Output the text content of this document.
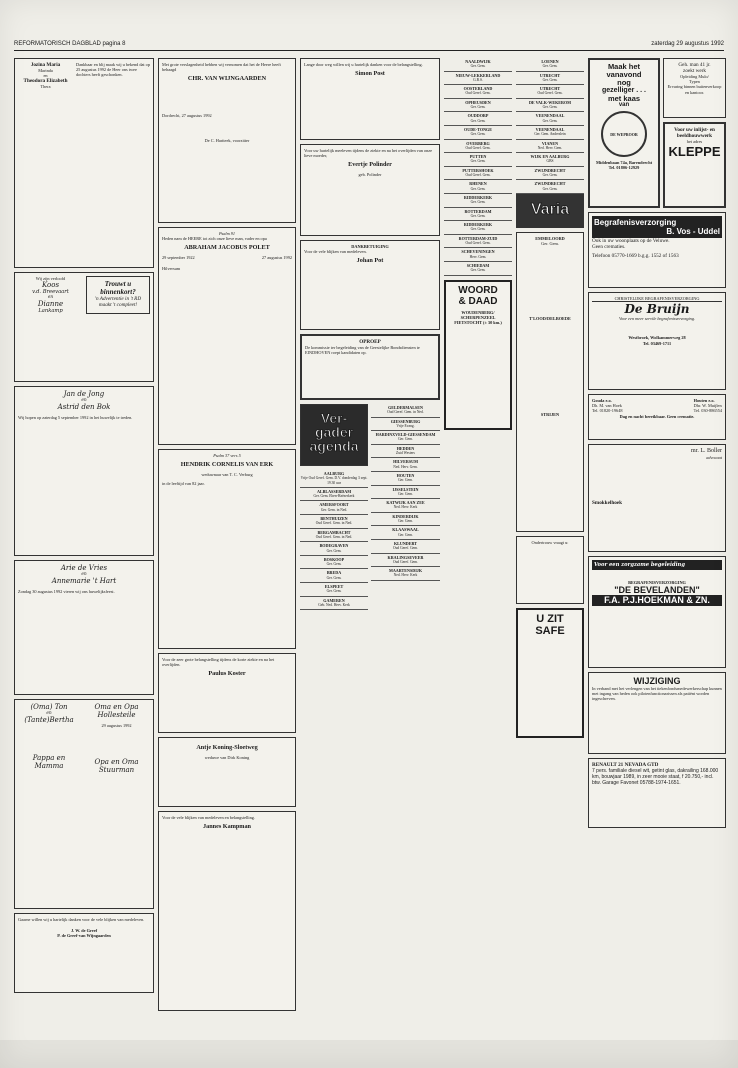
REFORMATORISCH DAGBLAD pagina 8	zaterdag 29 augustus 1992
Jozina Maria
Marinda
en
Theodora Elizabeth
Thera
Dankbaar en blij maak wij u bekend dat op 25 augustus 1992 de Heer ons twee dochters heeft geschonken.
Wij zijn verloofd
Koos
v.d. Breevaart
en
Dianne
Lankamp
Trouwt u binnenkort?
'n Advertentie in 't RD maakt 't compleet!
Jan de Jong
en
Astrid den Bok
Wij hopen op zaterdag 5 september 1992 in het huwelijk te treden.
Arie de Vries
en
Annemarie 't Hart
Zondag 30 augustus 1992 vieren wij ons huwelijksfeest.
(Oma) Ton
en
(Tante)Bertha
Pappa en Mamma
Oma en Opa Hollesteile
29 augustus 1992
Opa en Oma Stuurman
Gaarne willen wij u hartelijk danken voor de vele blijken van medeleven.
J. W. de Greef
P. de Greef-van Wijngaarden
Met grote verslagenheid hebben wij vernomen dat het de Heere heeft behaagd
CHR. VAN WIJNGAARDEN
Dordrecht, 27 augustus 1992
De C. Hariteek, voorzitter
Psalm 91
Heden nam de HEERE tot zich onze lieve man, vader en opa
ABRAHAM JACOBUS POLET
29 september 1922	27 augustus 1992
Hilversum
Psalm 37 vers 5
HENDRIK CORNELIS VAN ERK
weduwnaar van T. C. Verburg
in de leeftijd van 82 jaar.
Voor de zeer grote belangstelling tijdens de korte ziekte en na het overlijden.
Paulus Koster
Antje Koning-Sloetweg
weduwe van Dirk Koning
Voor de vele blijken van medeleven en belangstelling.
Jannes Kampman
Lange door weg willen wij u hartelijk danken voor de belangstelling.
Simon Post
Voor uw hartelijk meeleven tijdens de ziekte en na het overlijden van onze lieve moeder,
Evertje Polinder
geb. Polinder
DANKBETUIGING
Voor de vele blijken van medeleven.
Johan Pot
OPROEP
De kommissie ter begeleiding van de Geestelijke Bondsdiensten te EINDHOVEN roept kandidaten op.
Ver-
gader
agenda
AALBURG
Vrije Oud Geref. Gem. D.V. donderdag 3 sept. 19.30 uur
ALBLASSERDAM
Ger. Gem. Eben-Haëzerkerk
AMERSFOORT
Ger. Gem. in Ned.
BENTHUIZEN
Oud Geref. Gem. in Ned.
BERGAMBACHT
Oud Geref. Gem. in Ned.
BODEGRAVEN
Ger. Gem.
BOSKOOP
Ger. Gem.
BREDA
Ger. Gem.
ELSPEET
Ger. Gem.
GAMEREN
Geb. Ned. Herv. Kerk
GELDERMALSEN
Oud Geref. Gem. in Ned.
GIESSENBURG
Vrije Evang.
HARDINXVELD-GIESSENDAM
Ger. Gem.
HEDDEN
Zuid Westers
HILVERSUM
Ned. Herv. Gem.
HOUTEN
Ger. Gem.
IJSSELSTEIN
Ger. Gem.
KATWIJK AAN ZEE
Ned. Herv. Kerk
KINDERDIJK
Ger. Gem.
KLAASWAAL
Ger. Gem.
KLUNDERT
Oud Geref. Gem.
KRALINGSEVEER
Oud Geref. Gem.
MAARTENSDIJK
Ned. Herv. Kerk
NAALDWIJK
Ger. Gem.
NIEUW-LEKKERLAND
G.B.S.
OOSTERLAND
Oud Geref. Gem.
OPHEUSDEN
Ger. Gem.
OUDDORP
Ger. Gem.
OUDE-TONGE
Ger. Gem.
OVERBERG
Oud Geref. Gem.
PUTTEN
Ger. Gem.
PUTTERSHOEK
Oud Geref. Gem.
RHENEN
Ger. Gem.
RIDDERKERK
Ger. Gem.
ROTTERDAM
Ger. Gem.
RIDDERKERK
Ger. Gem.
ROTTERDAM-ZUID
Oud Geref. Gem.
SCHEVENINGEN
Herv. Gem.
SCHIEDAM
Ger. Gem.
WOORD
& DAAD
WOUDENBERG/ SCHERPENZEEL
FIETSTOCHT (± 30 km.)
LOENEN
Ger. Gem.
UTRECHT
Ger. Gem.
UTRECHT
Oud Geref. Gem.
DE VALK-WEKEROM
Ger. Gem.
VEENENDAAL
Ger. Gem.
VEENENDAAL
Ger. Gem. Anderslein
VIANEN
Ned. Herv. Gem.
WIJK EN AALBURG
GBS
ZWIJNDRECHT
Ger. Gem.
ZWIJNDRECHT
Ger. Gem.
Varia
EMMELOORD
Ger. Gem.
T'LOOD/DELBOEDE
STRIJEN
Ondertrouw vraagt u:
U ZIT SAFE
Maak het
vanavond
nog
gezelliger . . .
met kaas
van
DE WEPROOR
Middenbaan 74a, Barendrecht
Tel. 01806-12929
Geh. man 41 jr.
zoekt werk
Opleiding Mulo/
Typen
Ervaring binnen buitenverkoop en kantoor.
Voor uw inlijst- en beeldhouwwerk
het adres
KLEPPE
Begrafenisverzorging
B. Vos - Uddel
Ook in uw woonplaats op de Veluwe.
Geen crematies.
Telefoon 05770-1669 b.g.g. 1552 of 1563
CHRISTELIJKE BEGRAFENISVERZORGING
De Bruijn
Voor een meer servile begrafenisverzorging.
Westbroek, Wolkammerweg 28
Tel. 03469-1711
Gouda e.o.
Dh. M. van Hoek
Tel. 01820-19648
Houten e.o.
Dhr. W. Muijlen
Tel. 030-886554
Dag en nacht bereikbaar. Geen crematie.
mr. L. Boller
advocaat
Smokkelhoek
Voor een zorgzame begeleiding
BEGRAFENISVERZORGING
"DE BEVELANDEN"
F.A. P.J.HOEKMAN & ZN.
WIJZIGING
In verband met het verlengen van het tiekenfondsmedewerkerschap kunnen met ingang van heden ook pilotenfunctionarissen als patiënt worden ingeschreven.
RENAULT 21 NEVADA GTD
7 pers. familiale diesel wit, getint glas, dakrailing 168.000 km, bouwjaar 1989, in zeer mooie staat, f 20.750,- incl. btw. Garage Favonet 05788-1974-1651.
